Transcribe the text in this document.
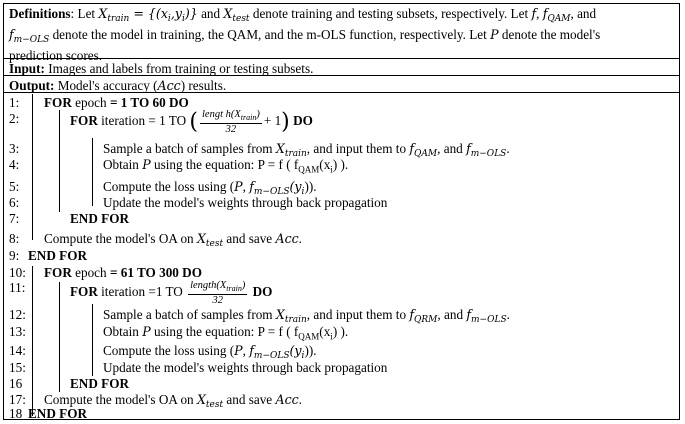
Definitions: Let $X_{train} = \{(x_i,y_i)\}$ and $X_{test}$ denote training and testing subsets, respectively. Let f, $f_{QAM}$, and
$f_{m-OLS}$ denote the model in training, the QAM, and the m-OLS function, respectively. Let P denote the model's
prediction scores.

Input: Images and labels from training or testing subsets.
Output: Model's accuracy (Acc) results.
1: FOR epoch = 1 TO 60 DO
2:	FOR iteration = 1 TO ( $\frac{lengt h(X_{train})}{32} + 1$) DO
3:	Sample a batch of samples from $X_{train}$, and input them to $f_{QAM}$, and $f_{m-OLS}$.
4:	Obtain P using the equation: P = f ( $f_{QAM}(x_i)$ ).
5:	Compute the loss using (P, $f_{m-OLS}(y_i)$).
6:	Update the model's weights through back propagation
7:	END FOR
8: Compute the model's OA on $X_{test}$ and save Acc.
9: END FOR
10: FOR epoch = 61 TO 300 DO
11:	FOR iteration =1 TO $\frac{length(X_{train})}{32}$ DO
12:	Sample a batch of samples from $X_{train}$, and input them to $f_{QRM}$, and $f_{m-OLS}$.
13:	Obtain P using the equation: P = f ( $f_{QAM}(x_i)$ ).
14:	Compute the loss using (P, $f_{m-OLS}(y_i)$).
15:	Update the model's weights through back propagation
16	END FOR
17: Compute the model's OA on $X_{test}$ and save Acc.
18 END FOR
